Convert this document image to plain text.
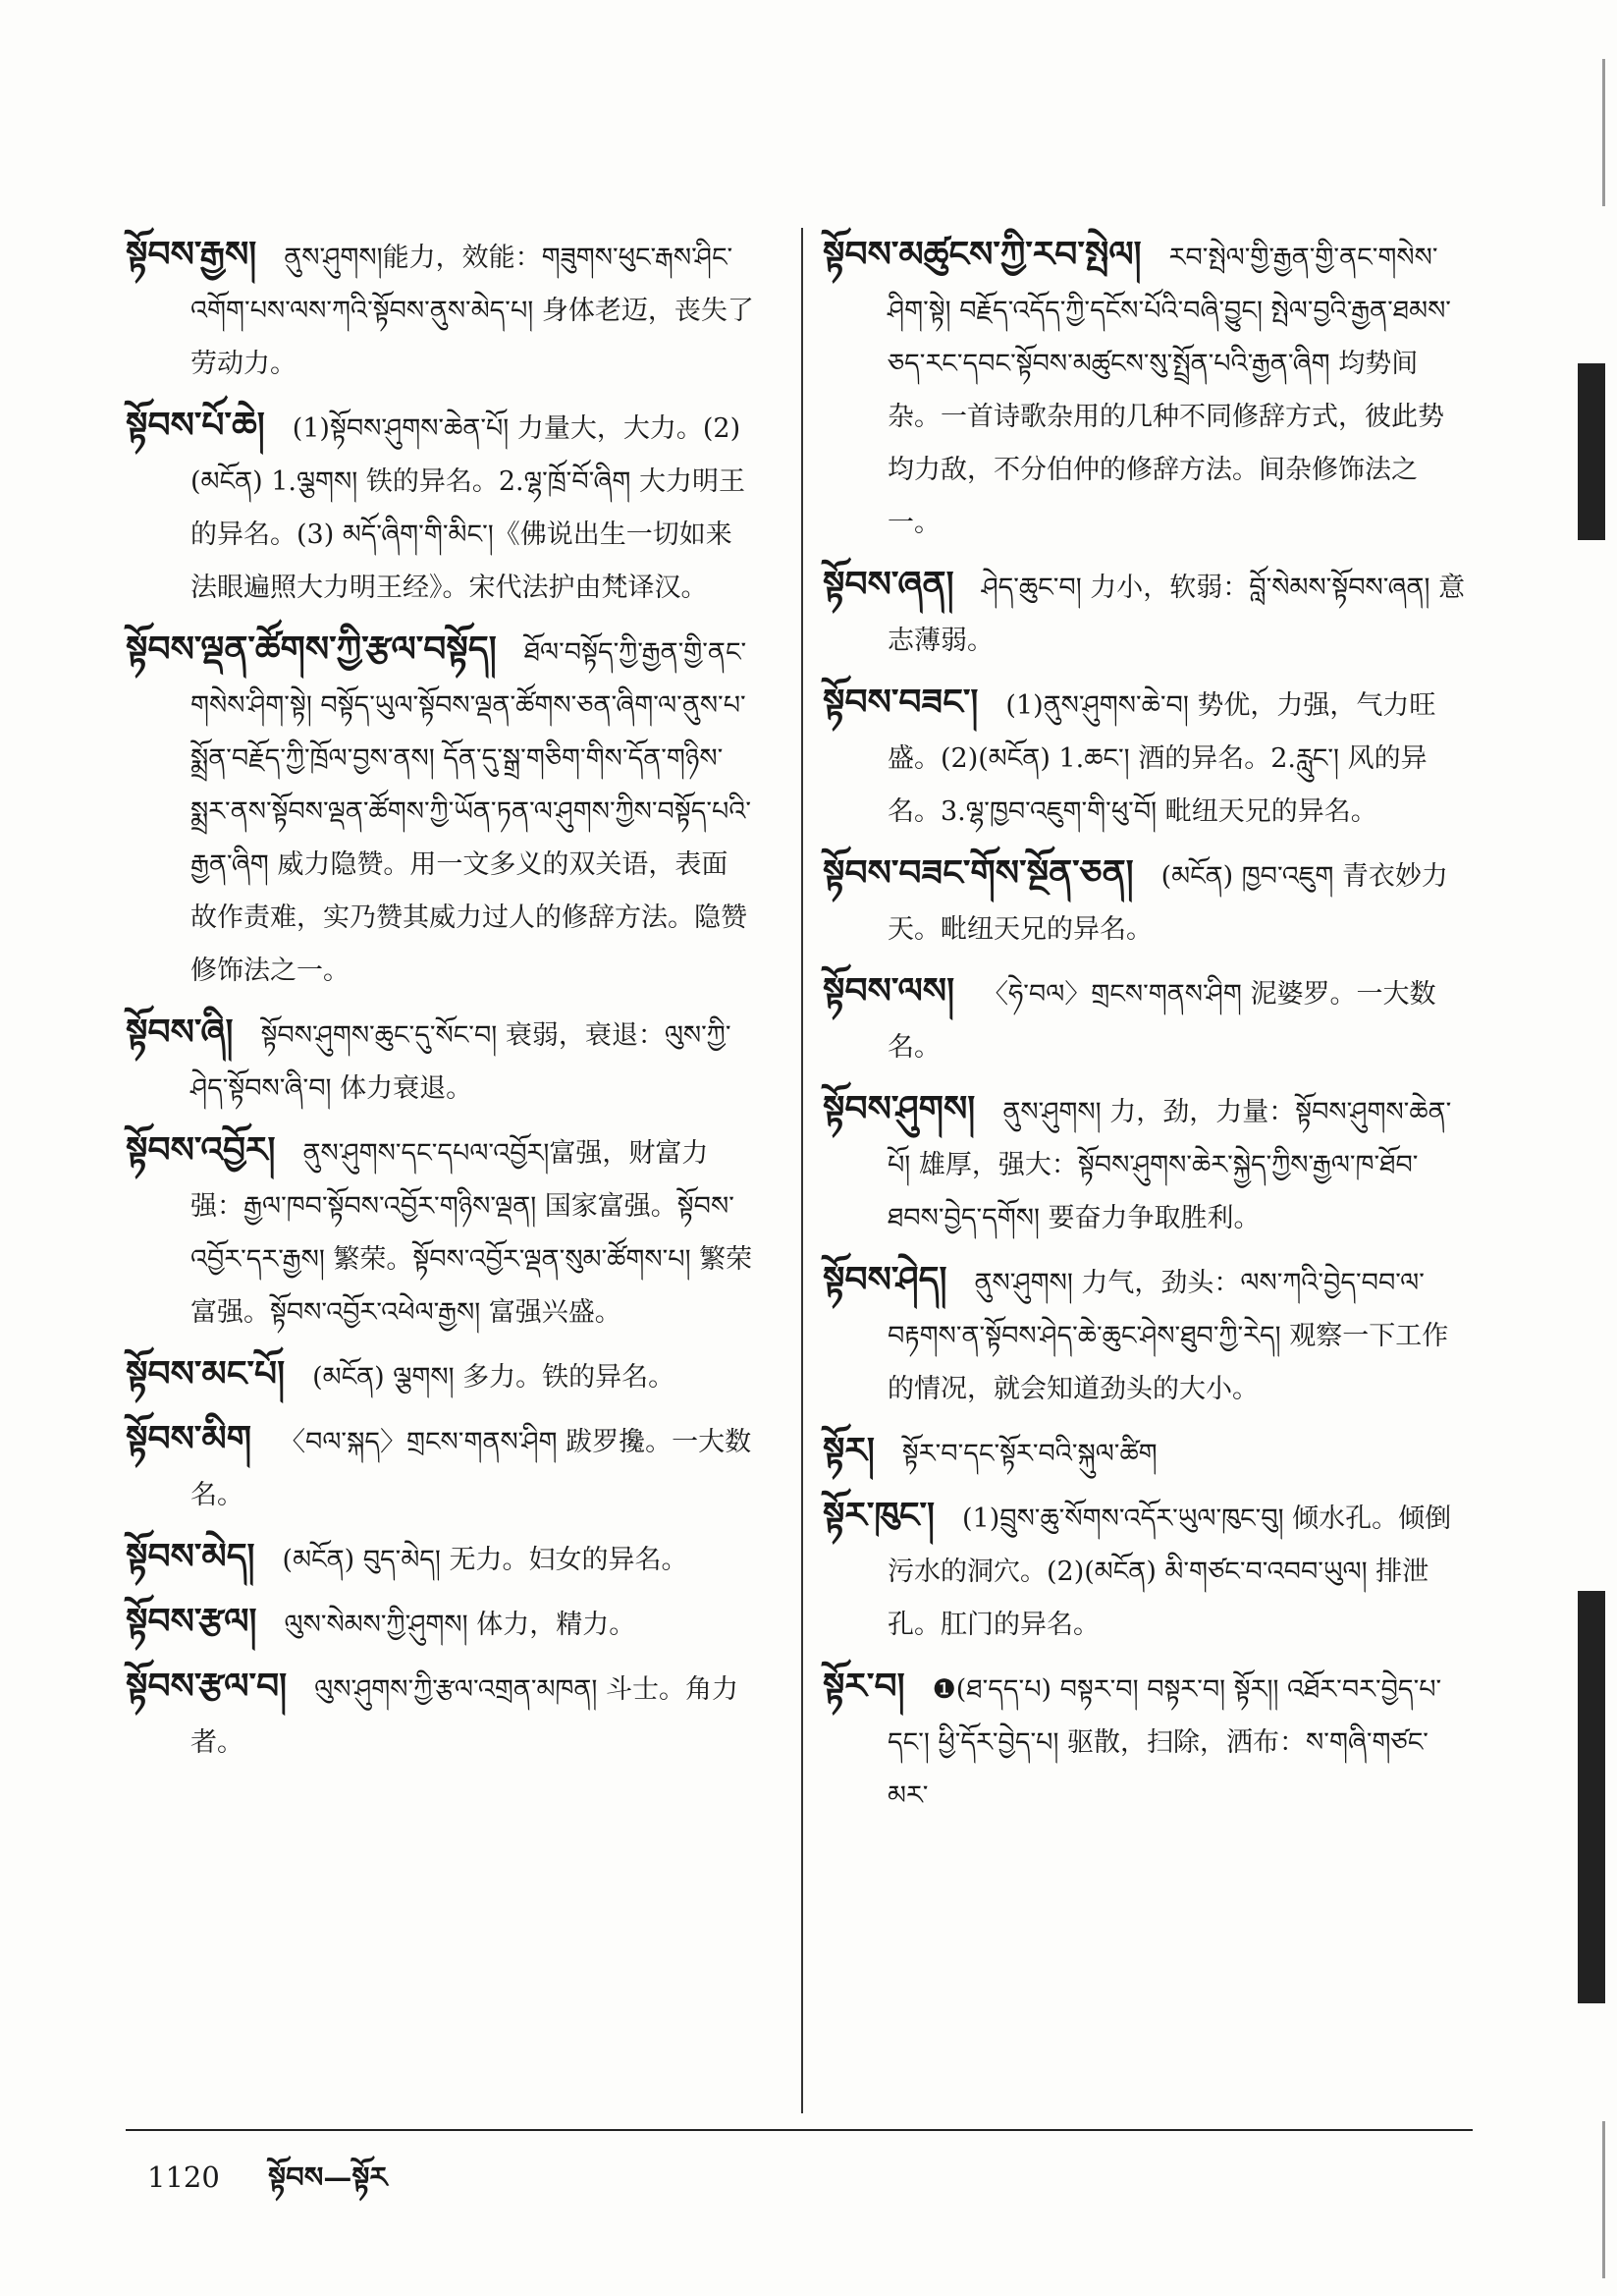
སྟོབས་རྒྱས། ནུས་ཤུགས།能力，效能：གཟུགས་ཕུང་རྒས་ཤིང་འགོག་པས་ལས་ཀའི་སྟོབས་ནུས་མེད་པ། 身体老迈，丧失了劳动力。
སྟོབས་པོ་ཆེ། (1)སྟོབས་ཤུགས་ཆེན་པོ། 力量大，大力。(2)(མངོན) 1.ལྕགས། 铁的异名。2.ལྷ་ཁྲོ་བོ་ཞིག 大力明王的异名。(3) མདོ་ཞིག་གི་མིང་།《佛说出生一切如来法眼遍照大力明王经》。宋代法护由梵译汉。
སྟོབས་ལྡན་ཚོགས་ཀྱི་རྩལ་བསྟོད། ཐོལ་བསྟོད་ཀྱི་རྒྱན་གྱི་ནང་གསེས་ཤིག་སྟེ། བསྟོད་ཡུལ་སྟོབས་ལྡན་ཚོགས་ཅན་ཞིག་ལ་ནུས་པ་སྨྲོན་བརྗོད་ཀྱི་ཁྲོལ་བྱས་ནས། དོན་དུ་སྒྲ་གཅིག་གིས་དོན་གཉིས་སྨྲར་ནས་སྟོབས་ལྡན་ཚོགས་ཀྱི་ཡོན་ཏན་ལ་ཤུགས་ཀྱིས་བསྟོད་པའི་རྒྱན་ཞིག 威力隐赞。用一文多义的双关语，表面故作责难，实乃赞其威力过人的修辞方法。隐赞修饰法之一。
སྟོབས་ཞི། སྟོབས་ཤུགས་ཆུང་དུ་སོང་བ། 衰弱，衰退：ལུས་ཀྱི་ཤེད་སྟོབས་ཞི་བ། 体力衰退。
སྟོབས་འབྱོར། ནུས་ཤུགས་དང་དཔལ་འབྱོར།富强，财富力强：རྒྱལ་ཁབ་སྟོབས་འབྱོར་གཉིས་ལྡན། 国家富强。སྟོབས་འབྱོར་དར་རྒྱས། 繁荣。སྟོབས་འབྱོར་ལྡན་སུམ་ཚོགས་པ། 繁荣富强。སྟོབས་འབྱོར་འཕེལ་རྒྱས། 富强兴盛。
སྟོབས་མང་པོ། (མངོན) ལྕགས། 多力。铁的异名。
སྟོབས་མིག 〈བལ་སྐད〉གྲངས་གནས་ཤིག 跋罗攙。一大数名。
སྟོབས་མེད། (མངོན) བུད་མེད། 无力。妇女的异名。
སྟོབས་རྩལ། ལུས་སེམས་ཀྱི་ཤུགས། 体力，精力。
སྟོབས་རྩལ་བ། ལུས་ཤུགས་ཀྱི་རྩལ་འགྲན་མཁན། 斗士。角力者。
སྟོབས་མཚུངས་ཀྱི་རབ་སྤེལ། རབ་སྤེལ་གྱི་རྒྱན་གྱི་ནང་གསེས་ཤིག་སྟེ། བརྗོད་འདོད་ཀྱི་དངོས་པོའི་བཞི་བྱུང། སྤེལ་བྱའི་རྒྱན་ཐམས་ཅད་རང་དབང་སྟོབས་མཚུངས་སུ་སྤྲོན་པའི་རྒྱན་ཞིག 均势间杂。一首诗歌杂用的几种不同修辞方式，彼此势均力敌，不分伯仲的修辞方法。间杂修饰法之一。
སྟོབས་ཞན། ཤེད་ཆུང་བ། 力小，软弱：བློ་སེམས་སྟོབས་ཞན། 意志薄弱。
སྟོབས་བཟང་། (1)ནུས་ཤུགས་ཆེ་བ། 势优，力强，气力旺盛。(2)(མངོན) 1.ཆང་། 酒的异名。2.རླུང་། 风的异名。3.ལྷ་ཁྱབ་འཇུག་གི་ཕུ་བོ། 毗纽天兄的异名。
སྟོབས་བཟང་གོས་སྔོན་ཅན། (མངོན) ཁྱབ་འཇུག 青衣妙力天。毗纽天兄的异名。
སྟོབས་ལས། 〈ཧེ་བལ〉གྲངས་གནས་ཤིག 泥婆罗。一大数名。
སྟོབས་ཤུགས། ནུས་ཤུགས། 力，劲，力量：སྟོབས་ཤུགས་ཆེན་པོ། 雄厚，强大：སྟོབས་ཤུགས་ཆེར་སྐྱེད་ཀྱིས་རྒྱལ་ཁ་ཐོབ་ཐབས་བྱེད་དགོས། 要奋力争取胜利。
སྟོབས་ཤེད། ནུས་ཤུགས། 力气，劲头：ལས་ཀའི་བྱེད་བབ་ལ་བརྟགས་ན་སྟོབས་ཤེད་ཆེ་ཆུང་ཤེས་ཐུབ་ཀྱི་རེད། 观察一下工作的情况，就会知道劲头的大小。
སྟོར། སྟོར་བ་དང་སྟོར་བའི་སྐུལ་ཚིག
སྟོར་ཁུང་། (1)བྲུས་ཆུ་སོགས་འདོར་ཡུལ་ཁུང་བུ། 倾水孔。倾倒污水的洞穴。(2)(མངོན) མི་གཙང་བ་འབབ་ཡུལ། 排泄孔。肛门的异名。
སྟོར་བ། ❶(ཐ་དད་པ) བསྟར་བ། བསྟར་བ། སྟོར།། འཐོར་བར་བྱེད་པ་དང་། ཕྱི་དོར་བྱེད་པ། 驱散，扫除，洒布：ས་གཞི་གཙང་མར་
1120 སྟོབས—སྟོར
